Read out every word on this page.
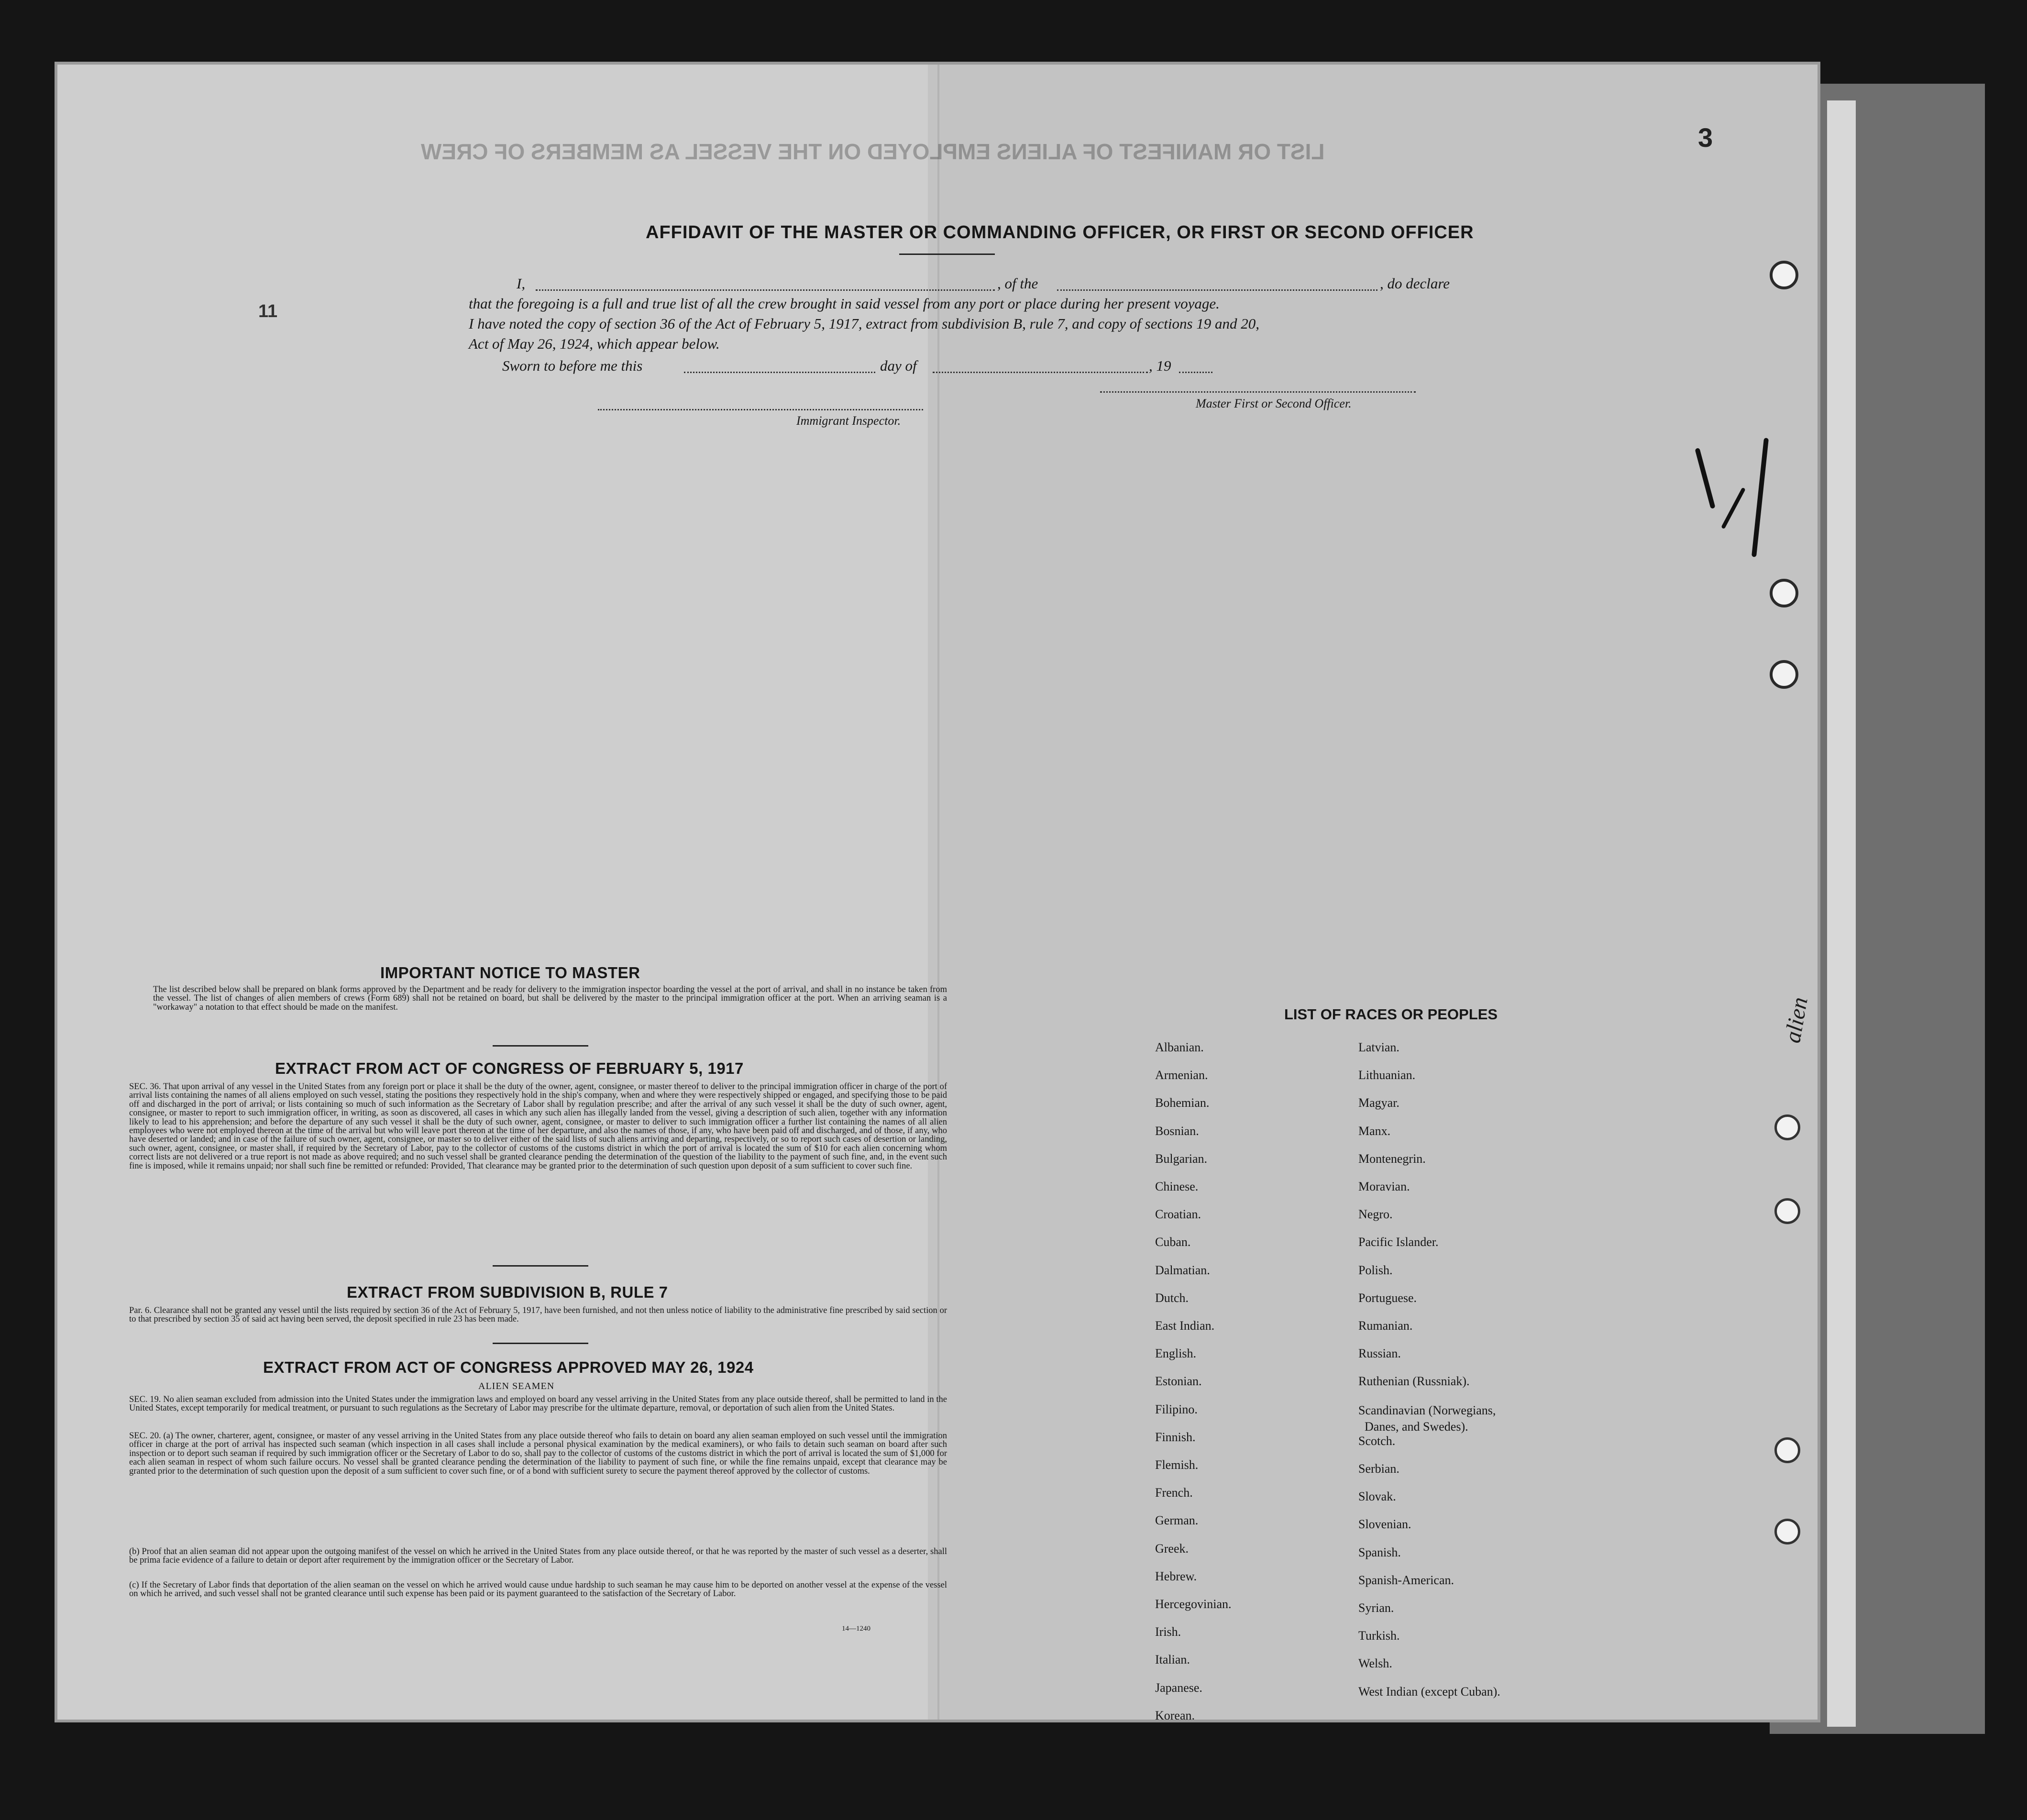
LIST OR MANIFEST OF ALIENS EMPLOYED ON THE VESSEL AS MEMBERS OF CREW
AFFIDAVIT OF THE MASTER OR COMMANDING OFFICER, OR FIRST OR SECOND OFFICER
I,	, of the	, do declare
that the foregoing is a full and true list of all the crew brought in said vessel from any port or place during her present voyage.
I have noted the copy of section 36 of the Act of February 5, 1917, extract from subdivision B, rule 7, and copy of sections 19 and 20,
Act of May 26, 1924, which appear below.
11
Master First or Second Officer.
Sworn to before me this	day of	, 19
Immigrant Inspector.
IMPORTANT NOTICE TO MASTER
The list described below shall be prepared on blank forms approved by the Department and be ready for delivery to the immigration inspector boarding the vessel at the port of arrival, and shall in no instance be taken from the vessel. The list of changes of alien members of crews (Form 689) shall not be retained on board, but shall be delivered by the master to the principal immigration officer at the port. When an arriving seaman is a "workaway" a notation to that effect should be made on the manifest.
EXTRACT FROM ACT OF CONGRESS OF FEBRUARY 5, 1917
SEC. 36. That upon arrival of any vessel in the United States from any foreign port or place it shall be the duty of the owner, agent, consignee, or master thereof to deliver to the principal immigration officer in charge of the port of arrival lists containing the names of all aliens employed on such vessel, stating the positions they respectively hold in the ship's company, when and where they were respectively shipped or engaged, and specifying those to be paid off and discharged in the port of arrival; or lists containing so much of such information as the Secretary of Labor shall by regulation prescribe; and after the arrival of any such vessel it shall be the duty of such owner, agent, consignee, or master to report to such immigration officer, in writing, as soon as discovered, all cases in which any such alien has illegally landed from the vessel, giving a description of such alien, together with any information likely to lead to his apprehension; and before the departure of any such vessel it shall be the duty of such owner, agent, consignee, or master to deliver to such immigration officer a further list containing the names of all alien employees who were not employed thereon at the time of the arrival but who will leave port thereon at the time of her departure, and also the names of those, if any, who have been paid off and discharged, and of those, if any, who have deserted or landed; and in case of the failure of such owner, agent, consignee, or master so to deliver either of the said lists of such aliens arriving and departing, respectively, or so to report such cases of desertion or landing, such owner, agent, consignee, or master shall, if required by the Secretary of Labor, pay to the collector of customs of the customs district in which the port of arrival is located the sum of $10 for each alien concerning whom correct lists are not delivered or a true report is not made as above required; and no such vessel shall be granted clearance pending the determination of the question of the liability to the payment of such fine, and, in the event such fine is imposed, while it remains unpaid; nor shall such fine be remitted or refunded: Provided, That clearance may be granted prior to the determination of such question upon deposit of a sum sufficient to cover such fine.
EXTRACT FROM SUBDIVISION B, RULE 7
Par. 6. Clearance shall not be granted any vessel until the lists required by section 36 of the Act of February 5, 1917, have been furnished, and not then unless notice of liability to the administrative fine prescribed by said section or to that prescribed by section 35 of said act having been served, the deposit specified in rule 23 has been made.
EXTRACT FROM ACT OF CONGRESS APPROVED MAY 26, 1924
ALIEN SEAMEN
SEC. 19. No alien seaman excluded from admission into the United States under the immigration laws and employed on board any vessel arriving in the United States from any place outside thereof, shall be permitted to land in the United States, except temporarily for medical treatment, or pursuant to such regulations as the Secretary of Labor may prescribe for the ultimate departure, removal, or deportation of such alien from the United States.
SEC. 20. (a) The owner, charterer, agent, consignee, or master of any vessel arriving in the United States from any place outside thereof who fails to detain on board any alien seaman employed on such vessel until the immigration officer in charge at the port of arrival has inspected such seaman (which inspection in all cases shall include a personal physical examination by the medical examiners), or who fails to detain such seaman on board after such inspection or to deport such seaman if required by such immigration officer or the Secretary of Labor to do so, shall pay to the collector of customs of the customs district in which the port of arrival is located the sum of $1,000 for each alien seaman in respect of whom such failure occurs. No vessel shall be granted clearance pending the determination of the liability to payment of such fine, or while the fine remains unpaid, except that clearance may be granted prior to the determination of such question upon the deposit of a sum sufficient to cover such fine, or of a bond with sufficient surety to secure the payment thereof approved by the collector of customs.
(b) Proof that an alien seaman did not appear upon the outgoing manifest of the vessel on which he arrived in the United States from any place outside thereof, or that he was reported by the master of such vessel as a deserter, shall be prima facie evidence of a failure to detain or deport after requirement by the immigration officer or the Secretary of Labor.
(c) If the Secretary of Labor finds that deportation of the alien seaman on the vessel on which he arrived would cause undue hardship to such seaman he may cause him to be deported on another vessel at the expense of the vessel on which he arrived, and such vessel shall not be granted clearance until such expense has been paid or its payment guaranteed to the satisfaction of the Secretary of Labor.
14—1240
LIST OF RACES OR PEOPLES
3
alien
Albanian.
Armenian.
Bohemian.
Bosnian.
Bulgarian.
Chinese.
Croatian.
Cuban.
Dalmatian.
Dutch.
East Indian.
English.
Estonian.
Filipino.
Finnish.
Flemish.
French.
German.
Greek.
Hebrew.
Hercegovinian.
Irish.
Italian.
Japanese.
Korean.
Latvian.
Lithuanian.
Magyar.
Manx.
Montenegrin.
Moravian.
Negro.
Pacific Islander.
Polish.
Portuguese.
Rumanian.
Russian.
Ruthenian (Russniak).
Scandinavian (Norwegians,
Danes, and Swedes).
Scotch.
Serbian.
Slovak.
Slovenian.
Spanish.
Spanish-American.
Syrian.
Turkish.
Welsh.
West Indian (except Cuban).
